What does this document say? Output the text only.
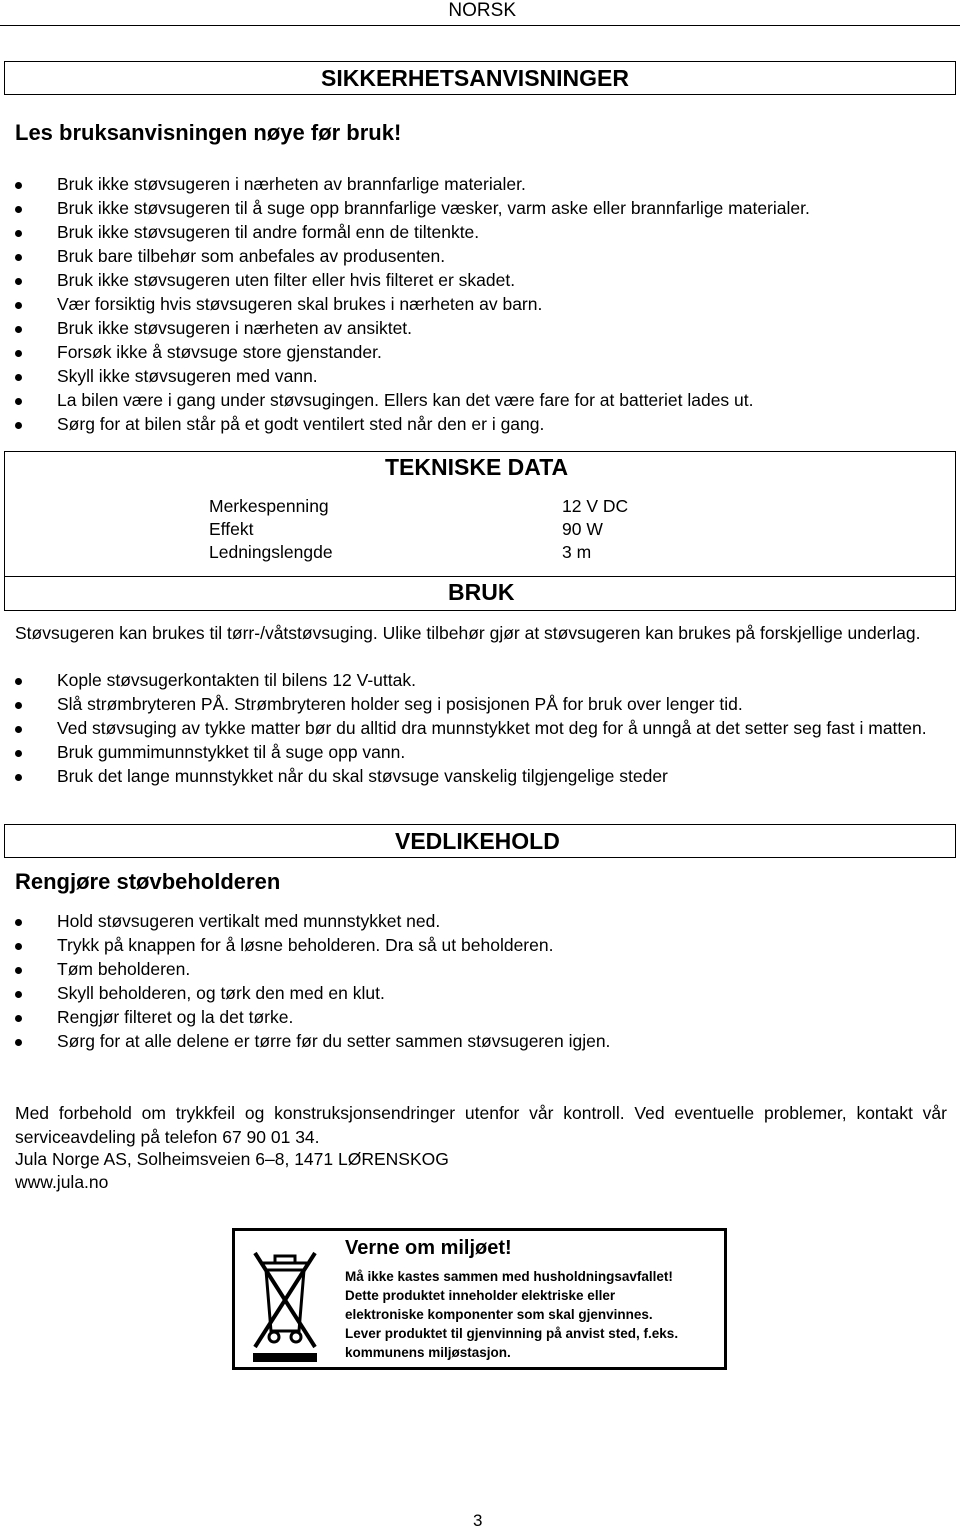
NORSK
SIKKERHETSANVISNINGER
Les bruksanvisningen nøye før bruk!
Bruk ikke støvsugeren i nærheten av brannfarlige materialer.
Bruk ikke støvsugeren til å suge opp brannfarlige væsker, varm aske eller brannfarlige materialer.
Bruk ikke støvsugeren til andre formål enn de tiltenkte.
Bruk bare tilbehør som anbefales av produsenten.
Bruk ikke støvsugeren uten filter eller hvis filteret er skadet.
Vær forsiktig hvis støvsugeren skal brukes i nærheten av barn.
Bruk ikke støvsugeren i nærheten av ansiktet.
Forsøk ikke å støvsuge store gjenstander.
Skyll ikke støvsugeren med vann.
La bilen være i gang under støvsugingen. Ellers kan det være fare for at batteriet lades ut.
Sørg for at bilen står på et godt ventilert sted når den er i gang.
TEKNISKE DATA
Merkespenning	12 V DC
Effekt	90 W
Ledningslengde	3 m
BRUK
Støvsugeren kan brukes til tørr-/våtstøvsuging. Ulike tilbehør gjør at støvsugeren kan brukes på forskjellige underlag.
Kople støvsugerkontakten til bilens 12 V-uttak.
Slå strømbryteren PÅ. Strømbryteren holder seg i posisjonen PÅ for bruk over lenger tid.
Ved støvsuging av tykke matter bør du alltid dra munnstykket mot deg for å unngå at det setter seg fast i matten.
Bruk gummimunnstykket til å suge opp vann.
Bruk det lange munnstykket når du skal støvsuge vanskelig tilgjengelige steder
VEDLIKEHOLD
Rengjøre støvbeholderen
Hold støvsugeren vertikalt med munnstykket ned.
Trykk på knappen for å løsne beholderen. Dra så ut beholderen.
Tøm beholderen.
Skyll beholderen, og tørk den med en klut.
Rengjør filteret og la det tørke.
Sørg for at alle delene er tørre før du setter sammen støvsugeren igjen.
Med forbehold om trykkfeil og konstruksjonsendringer utenfor vår kontroll. Ved eventuelle problemer, kontakt vår serviceavdeling på telefon 67 90 01 34.
Jula Norge AS, Solheimsveien 6–8, 1471 LØRENSKOG
www.jula.no
Verne om miljøet!
Må ikke kastes sammen med husholdningsavfallet!
Dette produktet inneholder elektriske eller
elektroniske komponenter som skal gjenvinnes.
Lever produktet til gjenvinning på anvist sted, f.eks.
kommunens miljøstasjon.
3
